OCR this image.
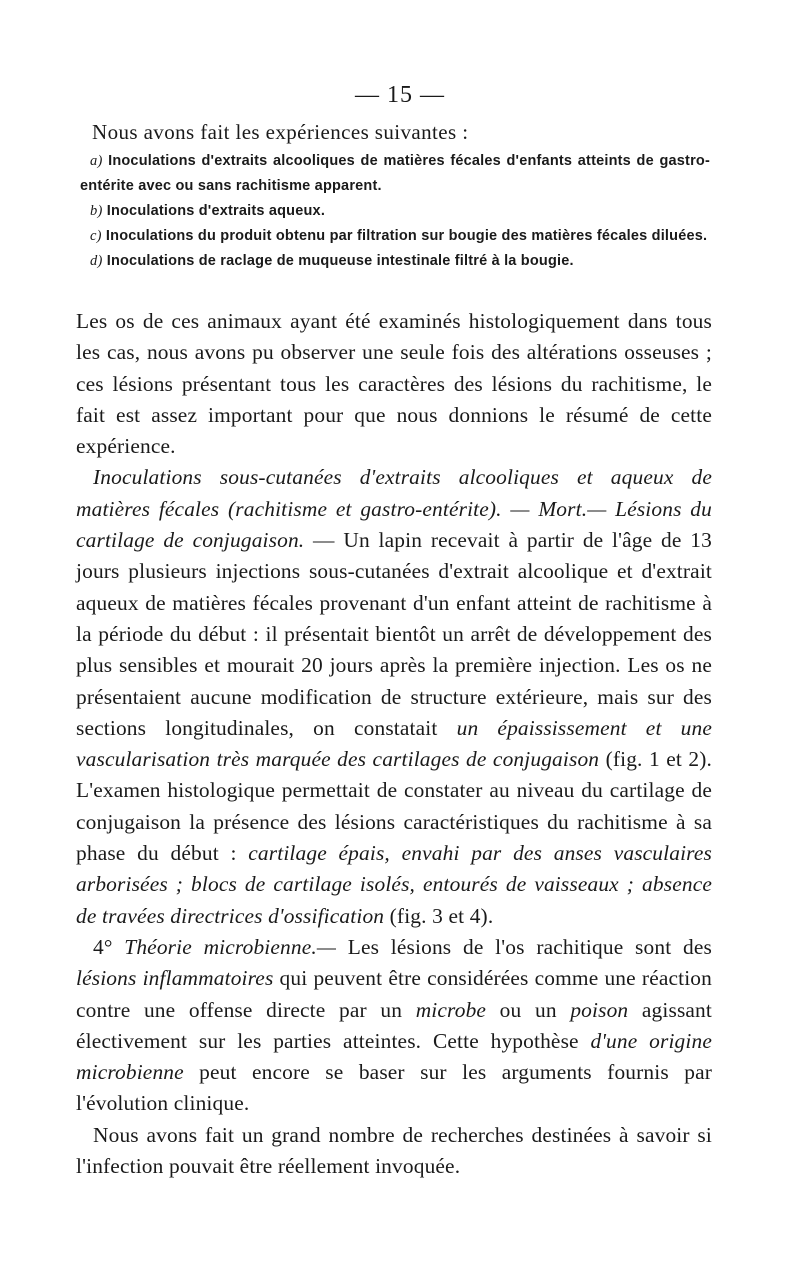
— 15 —
Nous avons fait les expériences suivantes :

a) Inoculations d'extraits alcooliques de matières fécales d'enfants atteints de gastro-entérite avec ou sans rachitisme apparent.

b) Inoculations d'extraits aqueux.

c) Inoculations du produit obtenu par filtration sur bougie des matières fécales diluées.

d) Inoculations de raclage de muqueuse intestinale filtré à la bougie.

Les os de ces animaux ayant été examinés histologiquement dans tous les cas, nous avons pu observer une seule fois des altérations osseuses ; ces lésions présentant tous les caractères des lésions du rachitisme, le fait est assez important pour que nous donnions le résumé de cette expérience.

Inoculations sous-cutanées d'extraits alcooliques et aqueux de matières fécales (rachitisme et gastro-entérite). — Mort.— Lésions du cartilage de conjugaison. — Un lapin recevait à partir de l'âge de 13 jours plusieurs injections sous-cutanées d'extrait alcoolique et d'extrait aqueux de matières fécales provenant d'un enfant atteint de rachitisme à la période du début : il présentait bientôt un arrêt de développement des plus sensibles et mourait 20 jours après la première injection. Les os ne présentaient aucune modification de structure extérieure, mais sur des sections longitudinales, on constatait un épaississement et une vascularisation très marquée des cartilages de conjugaison (fig. 1 et 2). L'examen histologique permettait de constater au niveau du cartilage de conjugaison la présence des lésions caractéristiques du rachitisme à sa phase du début : cartilage épais, envahi par des anses vasculaires arborisées ; blocs de cartilage isolés, entourés de vaisseaux ; absence de travées directrices d'ossification (fig. 3 et 4).

4° Théorie microbienne.— Les lésions de l'os rachitique sont des lésions inflammatoires qui peuvent être considérées comme une réaction contre une offense directe par un microbe ou un poison agissant électivement sur les parties atteintes. Cette hypothèse d'une origine microbienne peut encore se baser sur les arguments fournis par l'évolution clinique.

Nous avons fait un grand nombre de recherches destinées à savoir si l'infection pouvait être réellement invoquée.
